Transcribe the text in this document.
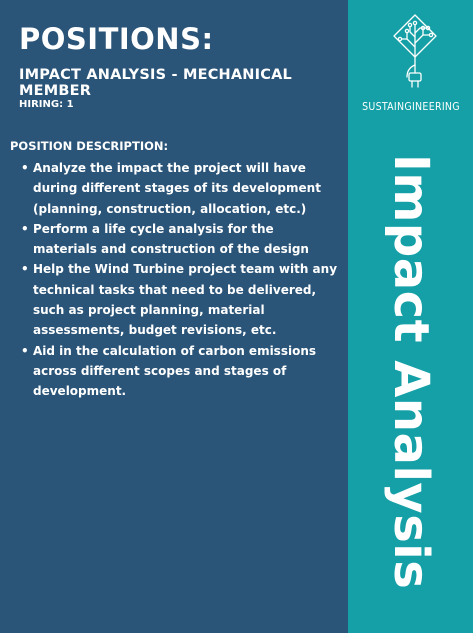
POSITIONS:
IMPACT ANALYSIS - MECHANICAL MEMBER
HIRING: 1
POSITION DESCRIPTION:
• Analyze the impact the project will have during different stages of its development (planning, construction, allocation, etc.)
• Perform a life cycle analysis for the materials and construction of the design
• Help the Wind Turbine project team with any technical tasks that need to be delivered, such as project planning, material assessments, budget revisions, etc.
• Aid in the calculation of carbon emissions across different scopes and stages of development.
SUSTAINGINEERING
Impact Analysis
